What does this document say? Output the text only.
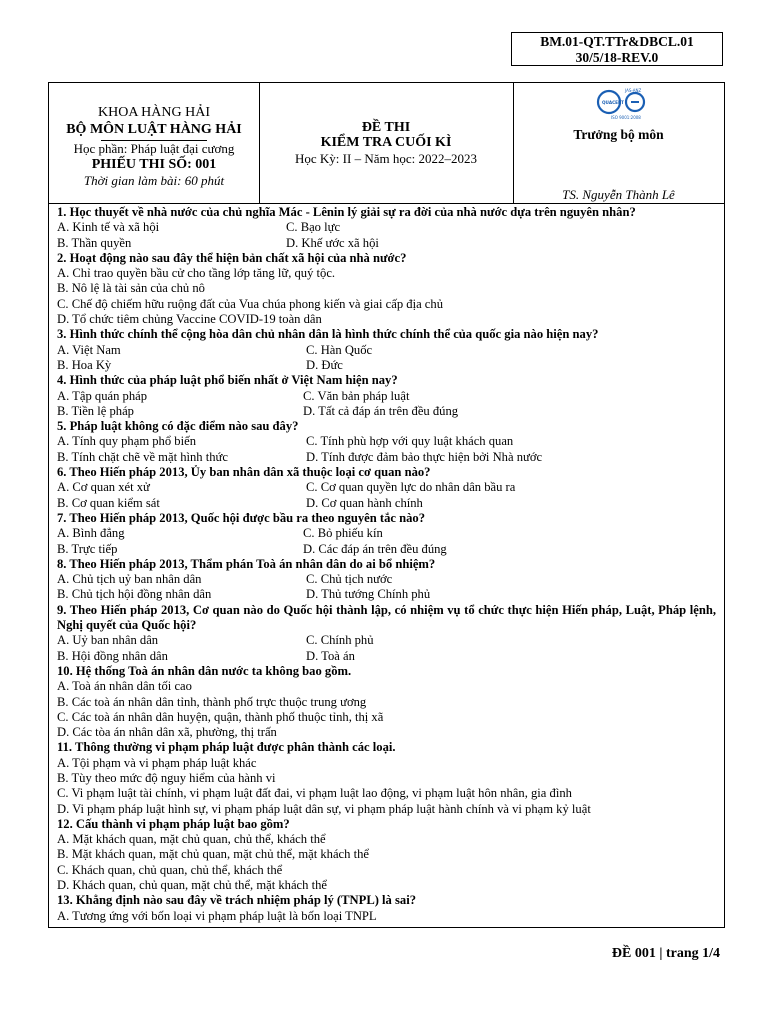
BM.01-QT.TTr&DBCL.01
30/5/18-REV.0
KHOA HÀNG HẢI
BỘ MÔN LUẬT HÀNG HẢI
Học phần: Pháp luật đại cương
PHIẾU THI SỐ: 001
Thời gian làm bài: 60 phút
ĐỀ THI
KIỂM TRA CUỐI KÌ
Học Kỳ: II – Năm học: 2022–2023
QUACERT
JAS-ANZ
ISO 9001:2008
Trưởng bộ môn
TS. Nguyễn Thành Lê
1. Học thuyết về nhà nước của chủ nghĩa Mác - Lênin lý giải sự ra đời của nhà nước dựa trên nguyên nhân?
A. Kinh tế và xã hội	C. Bạo lực
B. Thần quyền	D. Khế ước xã hội
2. Hoạt động nào sau đây thể hiện bản chất xã hội của nhà nước?
A. Chỉ trao quyền bầu cử cho tầng lớp tăng lữ, quý tộc.
B. Nô lệ là tài sản của chủ nô
C. Chế độ chiếm hữu ruộng đất của Vua chúa phong kiến và giai cấp địa chủ
D. Tổ chức tiêm chủng Vaccine COVID-19 toàn dân
3. Hình thức chính thể cộng hòa dân chủ nhân dân là hình thức chính thể của quốc gia nào hiện nay?
A. Việt Nam	C. Hàn Quốc
B. Hoa Kỳ	D. Đức
4. Hình thức của pháp luật phổ biến nhất ở Việt Nam hiện nay?
A. Tập quán pháp	C. Văn bản pháp luật
B. Tiền lệ pháp	D. Tất cả đáp án trên đều đúng
5. Pháp luật không có đặc điểm nào sau đây?
A. Tính quy phạm phổ biến	C. Tính phù hợp với quy luật khách quan
B. Tính chặt chẽ về mặt hình thức	D. Tính được đảm bảo thực hiện bởi Nhà nước
6. Theo Hiến pháp 2013, Ủy ban nhân dân xã thuộc loại cơ quan nào?
A. Cơ quan xét xử	C. Cơ quan quyền lực do nhân dân bầu ra
B. Cơ quan kiểm sát	D. Cơ quan hành chính
7. Theo Hiến pháp 2013, Quốc hội được bầu ra theo nguyên tắc nào?
A. Bình đẳng	C. Bỏ phiếu kín
B. Trực tiếp	D. Các đáp án trên đều đúng
8. Theo Hiến pháp 2013, Thẩm phán Toà án nhân dân do ai bổ nhiệm?
A. Chủ tịch uỷ ban nhân dân	C. Chủ tịch nước
B. Chủ tịch hội đồng nhân dân	D. Thủ tướng Chính phủ
9. Theo Hiến pháp 2013, Cơ quan nào do Quốc hội thành lập, có nhiệm vụ tổ chức thực hiện Hiến pháp, Luật, Pháp lệnh, Nghị quyết của Quốc hội?
A. Uỷ ban nhân dân	C. Chính phủ
B. Hội đồng nhân dân	D. Toà án
10. Hệ thống Toà án nhân dân nước ta không bao gồm.
A. Toà án nhân dân tối cao
B. Các toà án nhân dân tỉnh, thành phố trực thuộc trung ương
C. Các toà án nhân dân huyện, quận, thành phố thuộc tỉnh, thị xã
D. Các tòa án nhân dân xã, phường, thị trấn
11. Thông thường vi phạm pháp luật được phân thành các loại.
A. Tội phạm và vi phạm pháp luật khác
B. Tùy theo mức độ nguy hiểm của hành vi
C. Vi phạm luật tài chính, vi phạm luật đất đai, vi phạm luật lao động, vi phạm luật hôn nhân, gia đình
D. Vi phạm pháp luật hình sự, vi phạm pháp luật dân sự, vi phạm pháp luật hành chính và vi phạm kỷ luật
12. Cấu thành vi phạm pháp luật bao gồm?
A. Mặt khách quan, mặt chủ quan, chủ thể, khách thể
B. Mặt khách quan, mặt chủ quan, mặt chủ thể, mặt khách thể
C. Khách quan, chủ quan, chủ thể, khách thể
D. Khách quan, chủ quan, mặt chủ thể, mặt khách thể
13. Khẳng định nào sau đây về trách nhiệm pháp lý (TNPL) là sai?
A. Tương ứng với bốn loại vi phạm pháp luật là bốn loại TNPL
ĐỀ 001 | trang 1/4
